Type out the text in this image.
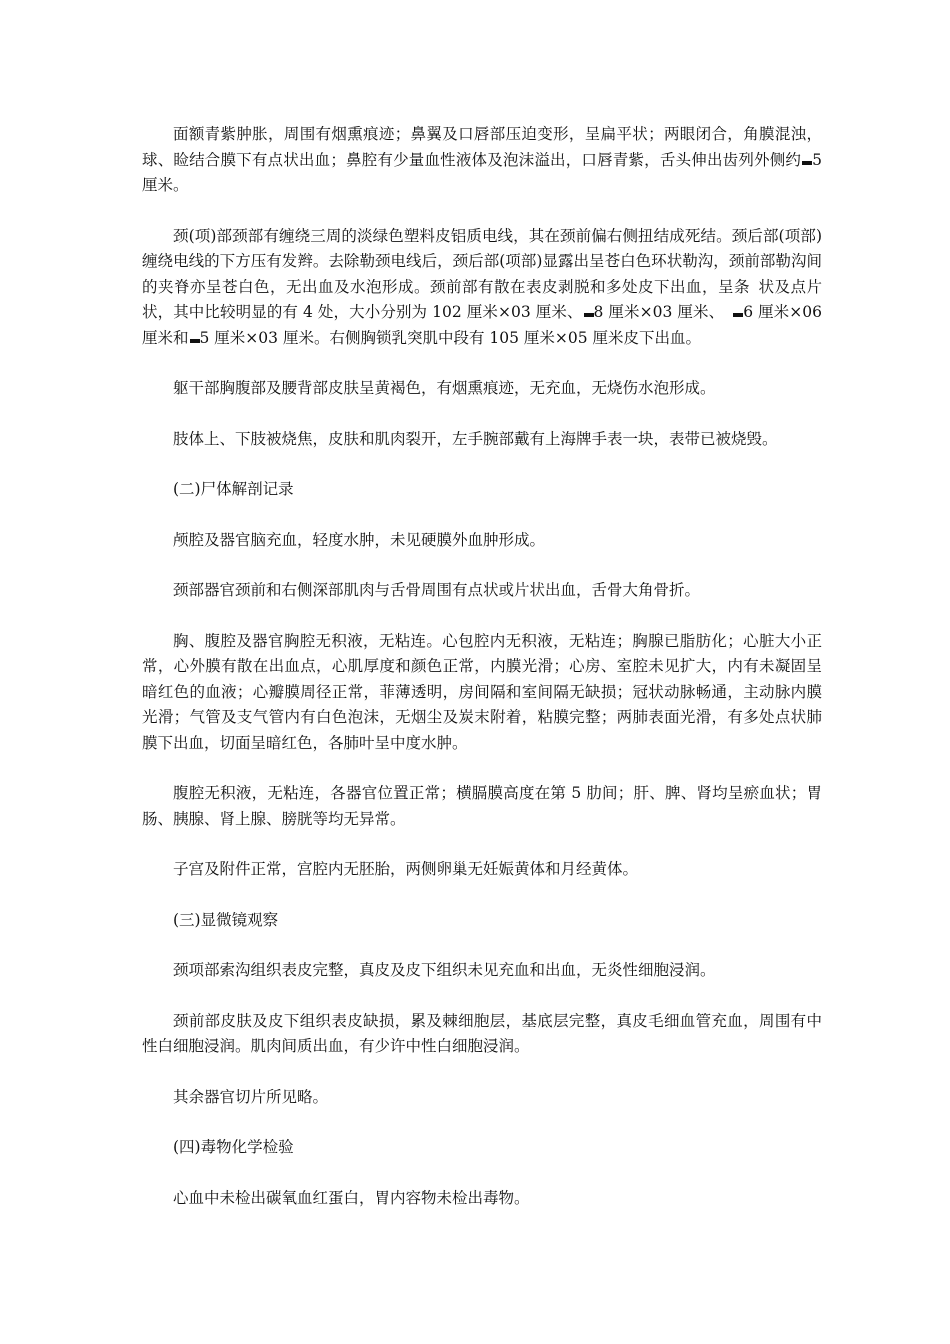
面额青紫肿胀，周围有烟熏痕迹；鼻翼及口唇部压迫变形，呈扁平状；两眼闭合，角膜混浊，球、睑结合膜下有点状出血；鼻腔有少量血性液体及泡沫溢出，口唇青紫，舌头伸出齿列外侧约 5 厘米。

颈(项)部颈部有缠绕三周的淡绿色塑料皮铝质电线，其在颈前偏右侧扭结成死结。颈后部(项部)缠绕电线的下方压有发辫。去除勒颈电线后，颈后部(项部)显露出呈苍白色环状勒沟，颈前部勒沟间的夹脊亦呈苍白色，无出血及水泡形成。颈前部有散在表皮剥脱和多处皮下出血，呈条 状及点片状，其中比较明显的有 4 处，大小分别为 102 厘米×03 厘米、 8 厘米×03 厘米、 6 厘米×06 厘米和 5 厘米×03 厘米。右侧胸锁乳突肌中段有 105 厘米×05 厘米皮下出血。

躯干部胸腹部及腰背部皮肤呈黄褐色，有烟熏痕迹，无充血，无烧伤水泡形成。

肢体上、下肢被烧焦，皮肤和肌肉裂开，左手腕部戴有上海牌手表一块，表带已被烧毁。

(二)尸体解剖记录

颅腔及器官脑充血，轻度水肿，未见硬膜外血肿形成。

颈部器官颈前和右侧深部肌肉与舌骨周围有点状或片状出血，舌骨大角骨折。

胸、腹腔及器官胸腔无积液，无粘连。心包腔内无积液，无粘连；胸腺已脂肪化；心脏大小正常，心外膜有散在出血点，心肌厚度和颜色正常，内膜光滑；心房、室腔未见扩大，内有未凝固呈暗红色的血液；心瓣膜周径正常，菲薄透明，房间隔和室间隔无缺损；冠状动脉畅通，主动脉内膜光滑；气管及支气管内有白色泡沫，无烟尘及炭末附着，粘膜完整；两肺表面光滑，有多处点状肺膜下出血，切面呈暗红色，各肺叶呈中度水肿。

腹腔无积液，无粘连，各器官位置正常；横膈膜高度在第 5 肋间；肝、脾、肾均呈瘀血状；胃肠、胰腺、肾上腺、膀胱等均无异常。

子宫及附件正常，宫腔内无胚胎，两侧卵巢无妊娠黄体和月经黄体。

(三)显微镜观察

颈项部索沟组织表皮完整，真皮及皮下组织未见充血和出血，无炎性细胞浸润。

颈前部皮肤及皮下组织表皮缺损，累及棘细胞层，基底层完整，真皮毛细血管充血，周围有中性白细胞浸润。肌肉间质出血，有少许中性白细胞浸润。

其余器官切片所见略。

(四)毒物化学检验

心血中未检出碳氧血红蛋白，胃内容物未检出毒物。
